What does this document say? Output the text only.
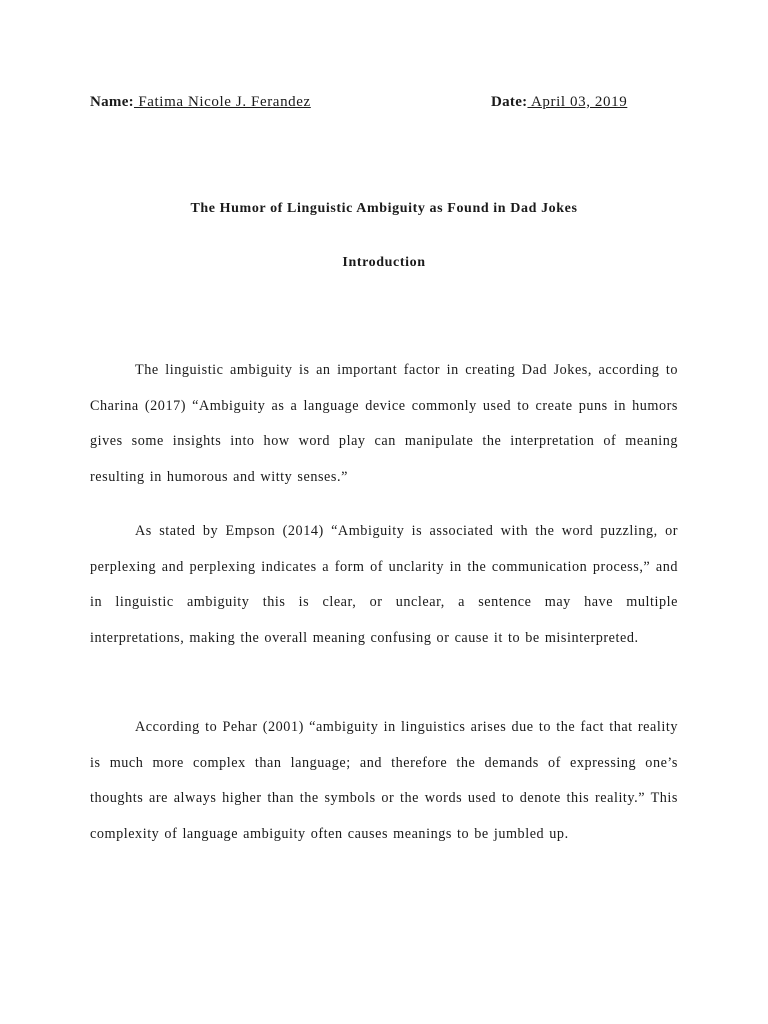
Name: Fatima Nicole J. Ferandez	Date: April 03, 2019
The Humor of Linguistic Ambiguity as Found in Dad Jokes
Introduction

The linguistic ambiguity is an important factor in creating Dad Jokes, according to Charina (2017) “Ambiguity as a language device commonly used to create puns in humors gives some insights into how word play can manipulate the interpretation of meaning resulting in humorous and witty senses.”

As stated by Empson (2014) “Ambiguity is associated with the word puzzling, or perplexing and perplexing indicates a form of unclarity in the communication process,” and in linguistic ambiguity this is clear, or unclear, a sentence may have multiple interpretations, making the overall meaning confusing or cause it to be misinterpreted.

According to Pehar (2001) “ambiguity in linguistics arises due to the fact that reality is much more complex than language; and therefore the demands of expressing one’s thoughts are always higher than the symbols or the words used to denote this reality.” This complexity of language ambiguity often causes meanings to be jumbled up.
